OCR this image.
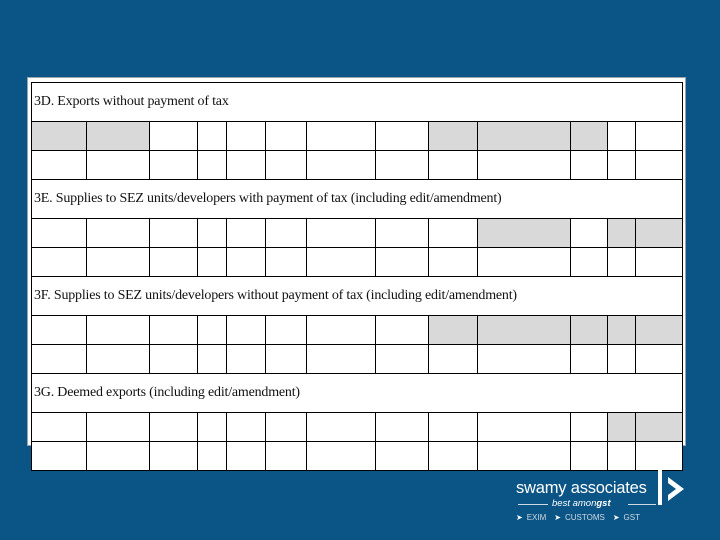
3D. Exports without payment of tax												

3E. Supplies to SEZ units/developers with payment of tax (including edit/amendment)												

3F. Supplies to SEZ units/developers without payment of tax (including edit/amendment)												

3G. Deemed exports (including edit/amendment)												

swamy associates
best amongst
➤ EXIM ➤ CUSTOMS ➤ GST
